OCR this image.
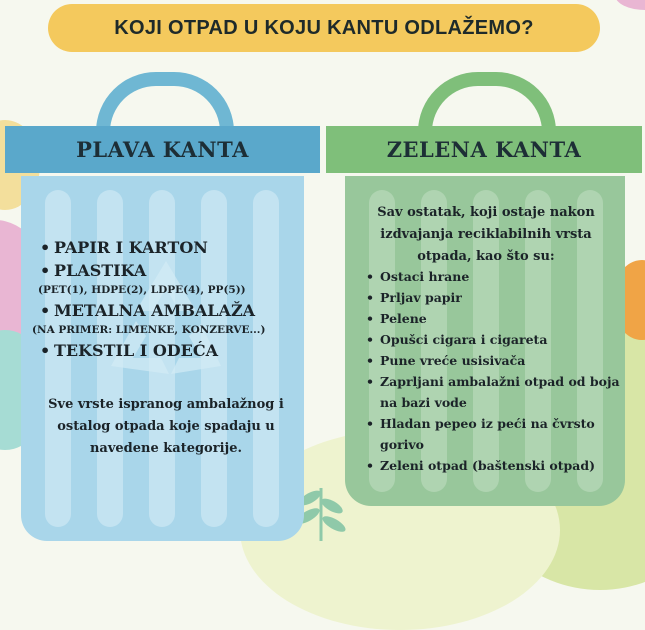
KOJI OTPAD U KOJU KANTU ODLAŽEMO?
PLAVA KANTA
• PAPIR I KARTON
• PLASTIKA
(PET(1), HDPE(2), LDPE(4), PP(5))
• METALNA AMBALAŽA
(NA PRIMER: LIMENKE, KONZERVE...)
• TEKSTIL I ODEĆA
Sve vrste ispranog ambalažnog i ostalog otpada koje spadaju u navedene kategorije.
ZELENA KANTA
Sav ostatak, koji ostaje nakon izdvajanja reciklabilnih vrsta otpada, kao što su:
• Ostaci hrane
• Prljav papir
• Pelene
• Opušci cigara i cigareta
• Pune vreće usisivača
• Zaprljani ambalažni otpad od boja na bazi vode
• Hladan pepeo iz peći na čvrsto gorivo
• Zeleni otpad (baštenski otpad)
